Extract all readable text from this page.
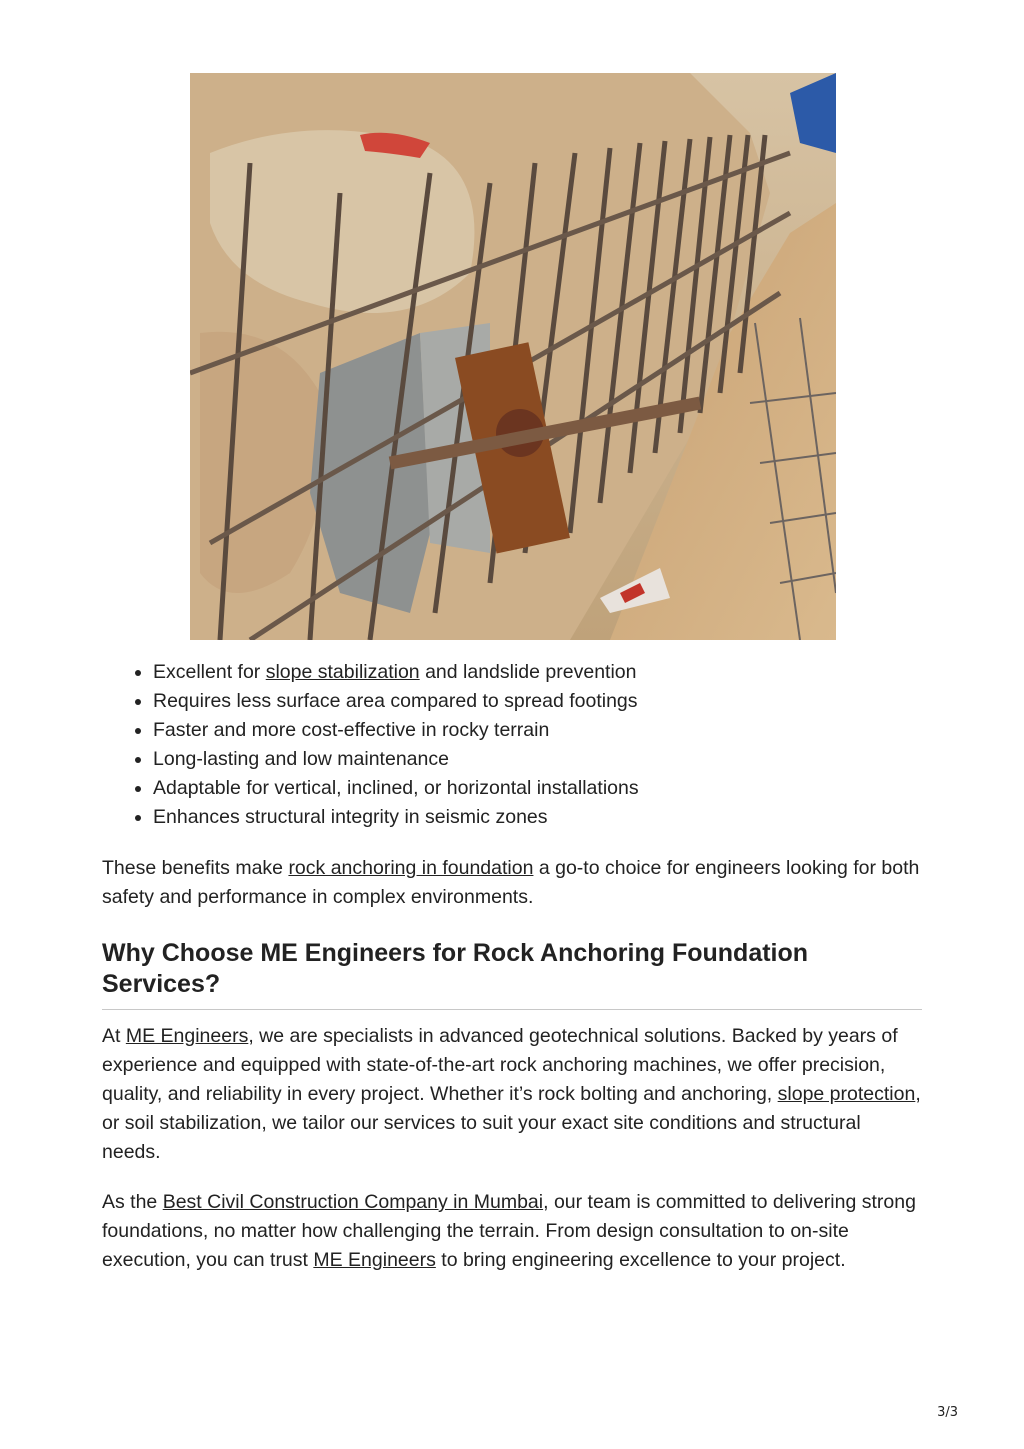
• Excellent for slope stabilization and landslide prevention
• Requires less surface area compared to spread footings
• Faster and more cost-effective in rocky terrain
• Long-lasting and low maintenance
• Adaptable for vertical, inclined, or horizontal installations
• Enhances structural integrity in seismic zones

These benefits make rock anchoring in foundation a go-to choice for engineers looking for both safety and performance in complex environments.

Why Choose ME Engineers for Rock Anchoring Foundation Services?

At ME Engineers, we are specialists in advanced geotechnical solutions. Backed by years of experience and equipped with state-of-the-art rock anchoring machines, we offer precision, quality, and reliability in every project. Whether it’s rock bolting and anchoring, slope protection, or soil stabilization, we tailor our services to suit your exact site conditions and structural needs.

As the Best Civil Construction Company in Mumbai, our team is committed to delivering strong foundations, no matter how challenging the terrain. From design consultation to on-site execution, you can trust ME Engineers to bring engineering excellence to your project.

3/3
